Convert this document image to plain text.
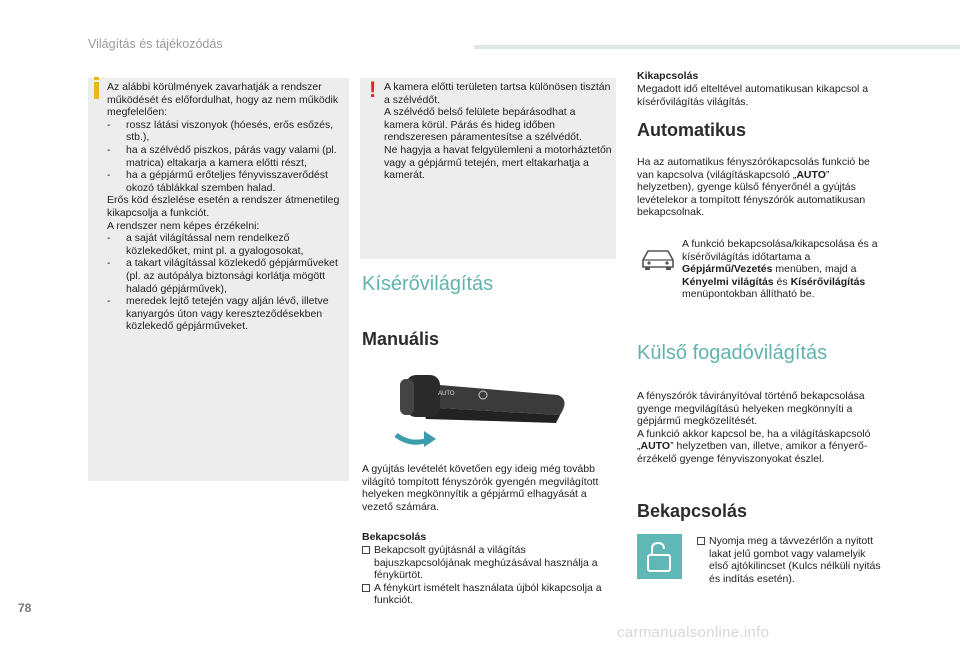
Világítás és tájékozódás

Az alábbi körülmények zavarhatják a rendszer működését és előfordulhat, hogy az nem működik megfelelően:

-	rossz látási viszonyok (hóesés, erős esőzés, stb.),
-	ha a szélvédő piszkos, párás vagy valami (pl. matrica) eltakarja a kamera előtti részt,
-	ha a gépjármű erőteljes fényvisszaverődést okozó táblákkal szemben halad.

Erős köd észlelése esetén a rendszer átmenetileg kikapcsolja a funkciót.

A rendszer nem képes érzékelni:

-	a saját világítással nem rendelkező közlekedőket, mint pl. a gyalogosokat,
-	a takart világítással közlekedő gépjárműveket (pl. az autópálya biztonsági korlátja mögött haladó gépjárművek),
-	meredek lejtő tetején vagy alján lévő, illetve kanyargós úton vagy kereszteződésekben közlekedő gépjárműveket.
! A kamera előtti területen tartsa különösen tisztán a szélvédőt.

A szélvédő belső felülete bepárásodhat a kamera körül. Párás és hideg időben rendszeresen páramentesítse a szélvédőt.

Ne hagyja a havat felgyülemleni a motorháztetőn vagy a gépjármű tetején, mert eltakarhatja a kamerát.

Kísérővilágítás
Manuális
AUTO
A gyújtás levételét követően egy ideig még tovább világító tompított fényszórók gyengén megvilágított helyeken megkönnyítik a gépjármű elhagyását a vezető számára.
Bekapcsolás
Bekapcsolt gyújtásnál a világítás bajuszkapcsolójának meghúzásával használja a fénykürtöt.
A fénykürt ismételt használata újból kikapcsolja a funkciót.
Kikapcsolás
Megadott idő elteltével automatikusan kikapcsol a kísérővilágítás világítás.
Automatikus
Ha az automatikus fényszórókapcsolás funkció be van kapcsolva (világításkapcsoló „AUTO” helyzetben), gyenge külső fényerőnél a gyújtás levételekor a tompított fényszórók automatikusan bekapcsolnak.
A funkció bekapcsolása/kikapcsolása és a kísérővilágítás időtartama a Gépjármű/Vezetés menüben, majd a Kényelmi világítás és Kísérővilágítás menüpontokban állítható be.
Külső fogadóvilágítás

A fényszórók távirányítóval történő bekapcsolása gyenge megvilágítású helyeken megkönnyíti a gépjármű megközelítését.

A funkció akkor kapcsol be, ha a világításkapcsoló „AUTO” helyzetben van, illetve, amikor a fényerő-érzékelő gyenge fényviszonyokat észlel.

Bekapcsolás
Nyomja meg a távvezérlőn a nyitott lakat jelű gombot vagy valamelyik első ajtókilincset (Kulcs nélküli nyitás és indítás esetén).
78
carmanualsonline.info
